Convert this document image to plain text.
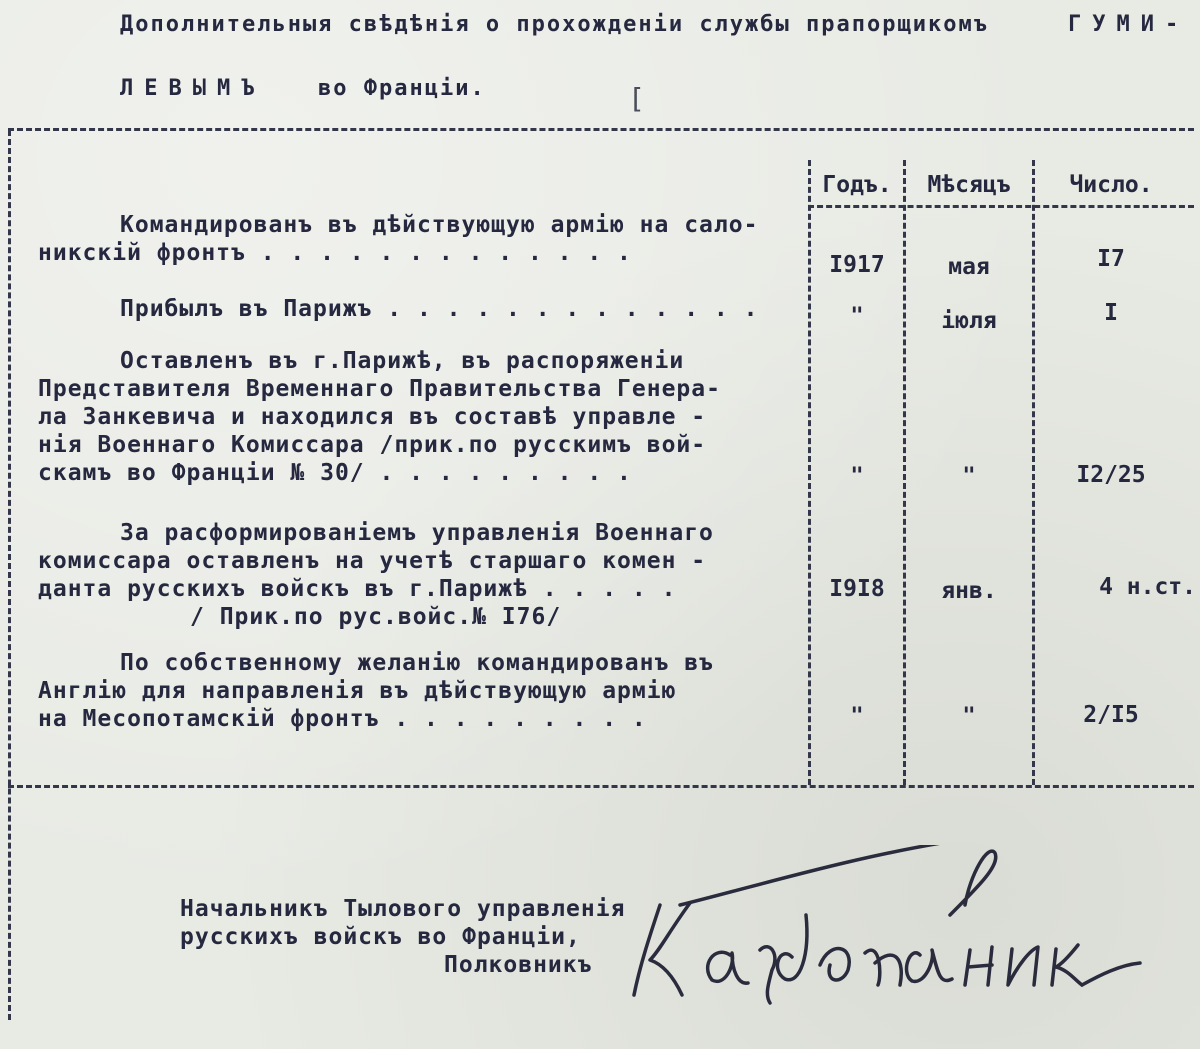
Дополнительныя свѣдѣнія о прохожденіи службы прапорщикомъ	ГУМИ-
ЛЕВЫМЪ во Франціи.	[
Годъ.	Мѣсяцъ	Число.
Командированъ въ дѣйствующую армію на сало-
никскій фронтъ . . . . . . . . . . . . .	I917	мая	I7
Прибылъ въ Парижъ . . . . . . . . . . . . .	"	іюля	I
Оставленъ въ г.Парижѣ, въ распоряженіи
Представителя Временнаго Правительства Генера-
ла Занкевича и находился въ составѣ управле -
нія Военнаго Комиссара /прик.по русскимъ вой-
скамъ во Франціи № 30/ . . . . . . . . .	"	"	I2/25
За расформированіемъ управленія Военнаго
комиссара оставленъ на учетѣ старшаго комен -
данта русскихъ войскъ въ г.Парижѣ . . . . .
/ Прик.по рус.войс.№ I76/
I9I8	янв.	4 н.ст.
По собственному желанію командированъ въ
Англію для направленія въ дѣйствующую армію
на Месопотамскій фронтъ . . . . . . . . .	"	"	2/I5
Начальникъ Тылового управленія
русскихъ войскъ во Франціи,
Полковникъ
